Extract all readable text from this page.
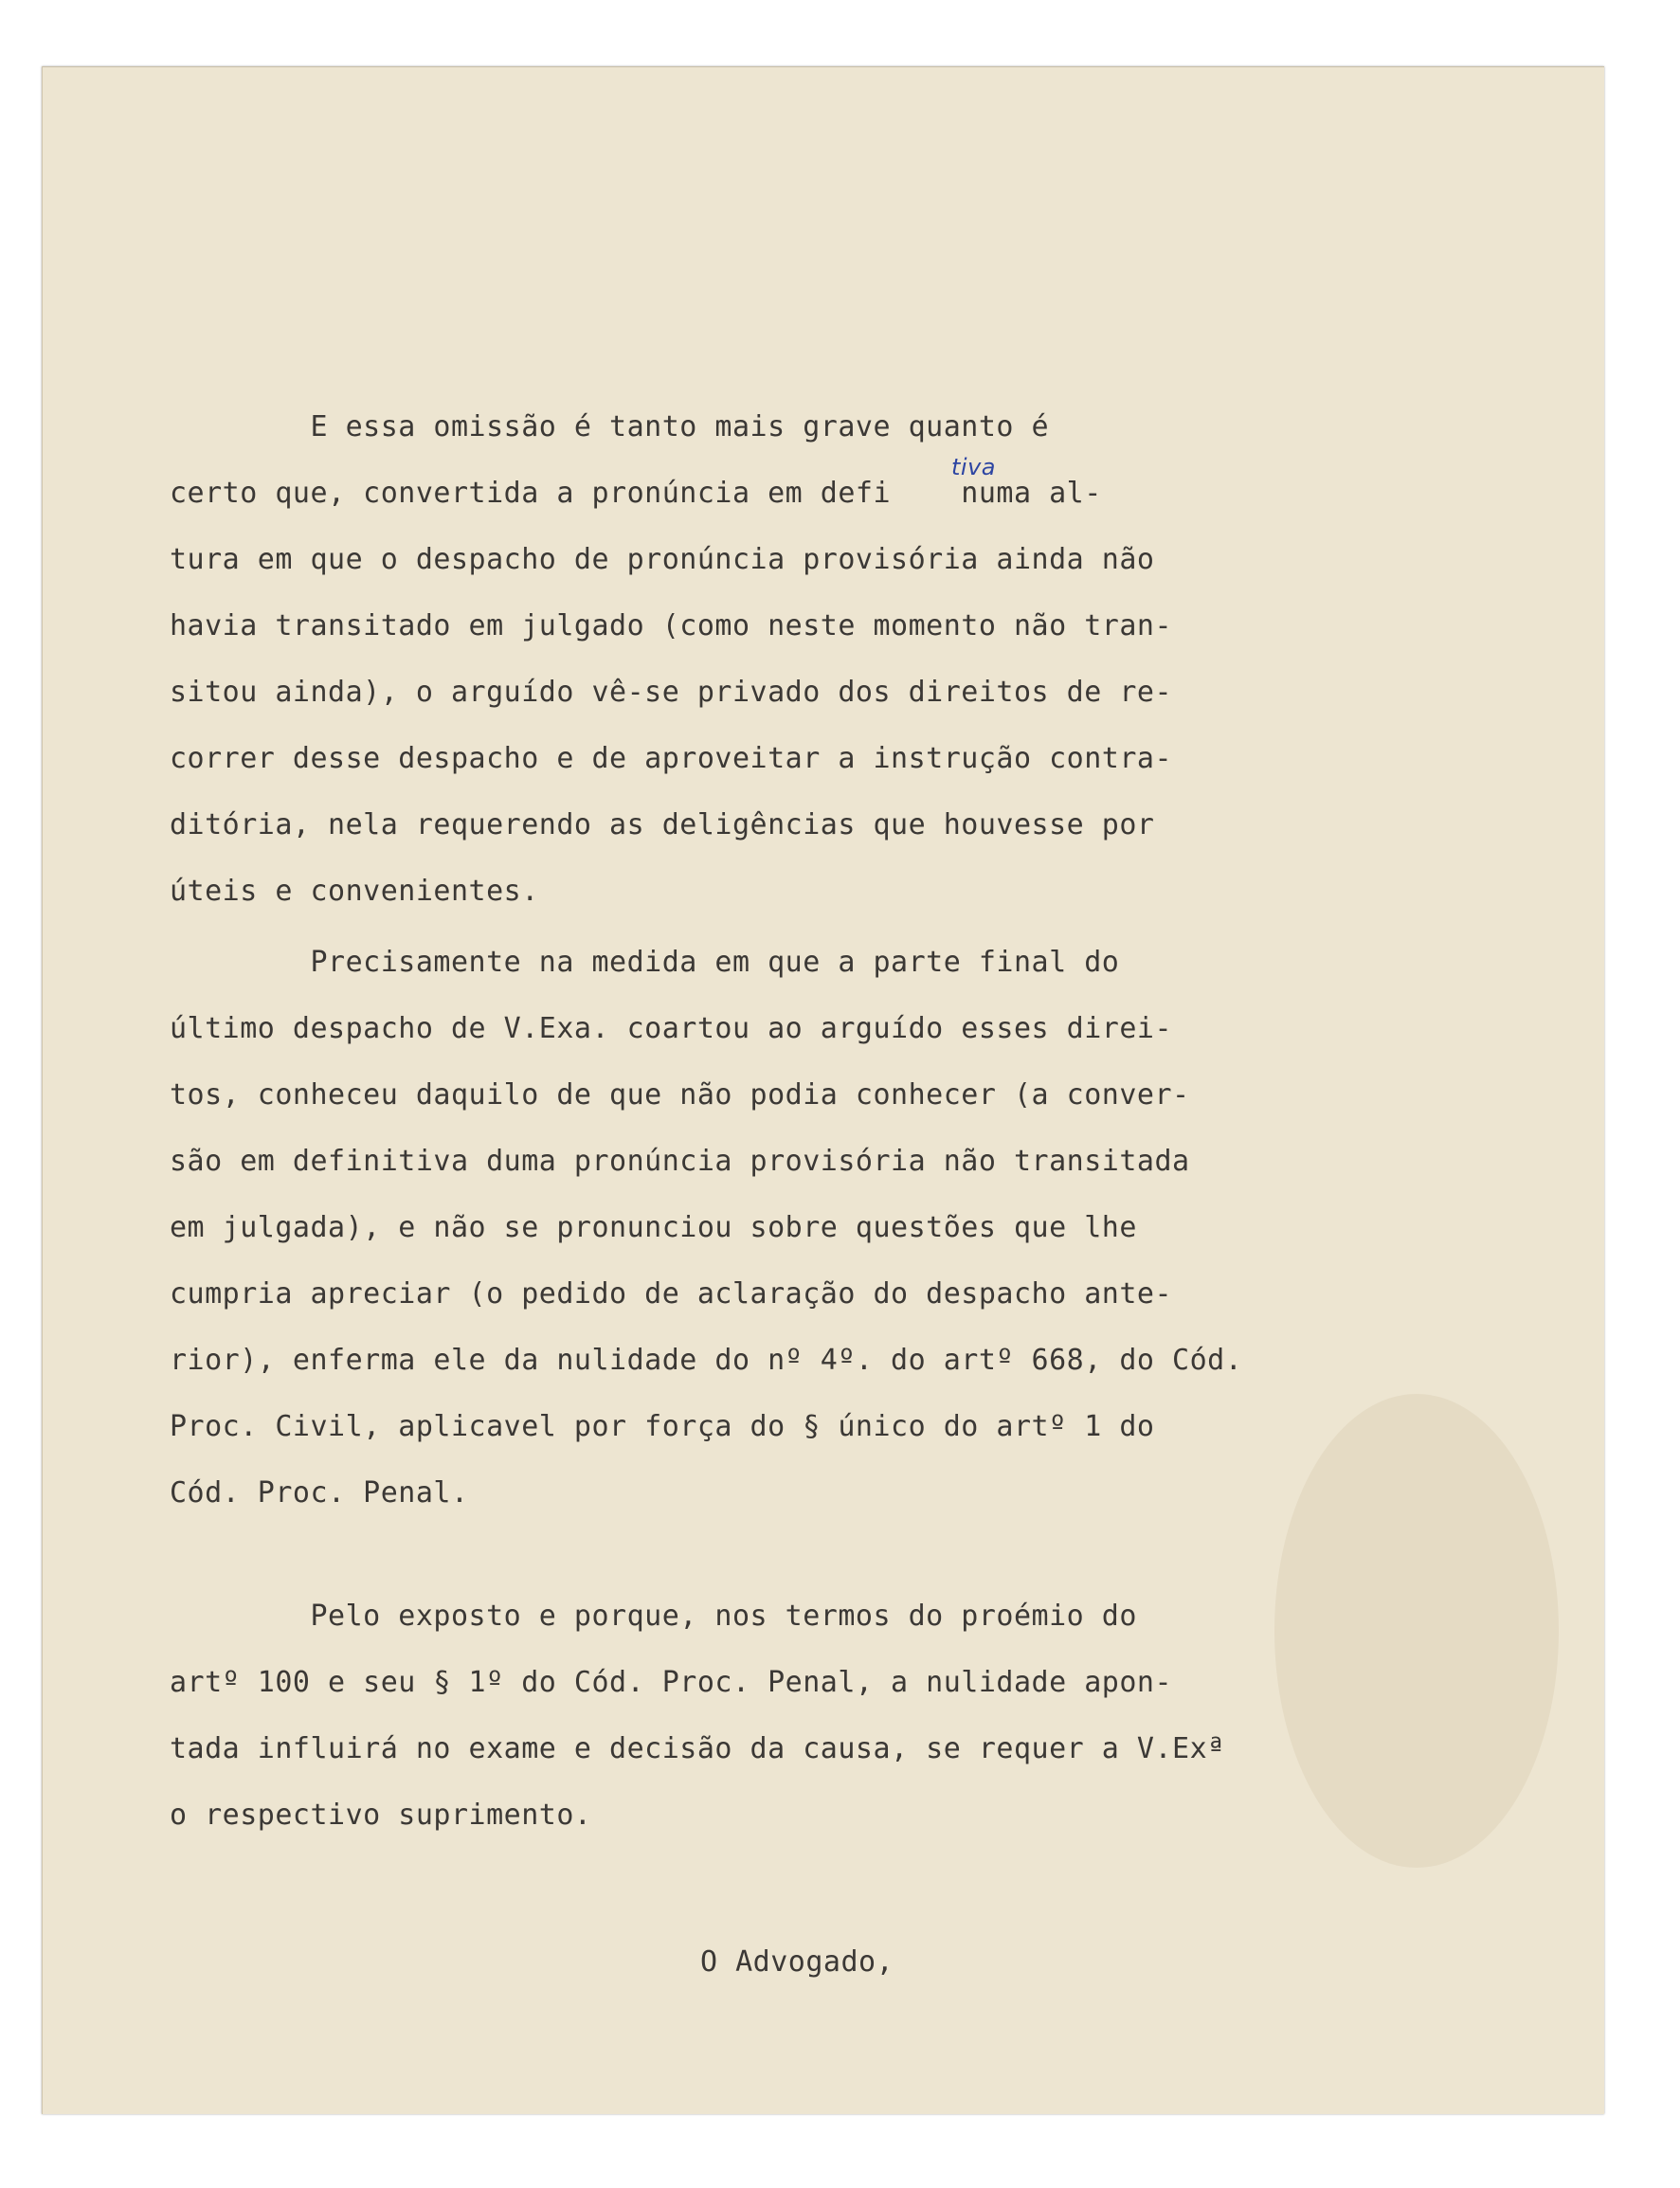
E essa omissão é tanto mais grave quanto é
certo que, convertida a pronúncia em defi    numa al-
tiva
tura em que o despacho de pronúncia provisória ainda não
havia transitado em julgado (como neste momento não tran-
sitou ainda), o arguído vê-se privado dos direitos de re-
correr desse despacho e de aproveitar a instrução contra-
ditória, nela requerendo as deligências que houvesse por
úteis e convenientes.
Precisamente na medida em que a parte final do
último despacho de V.Exa. coartou ao arguído esses direi-
tos, conheceu daquilo de que não podia conhecer (a conver-
são em definitiva duma pronúncia provisória não transitada
em julgada), e não se pronunciou sobre questões que lhe
cumpria apreciar (o pedido de aclaração do despacho ante-
rior), enferma ele da nulidade do nº 4º. do artº 668, do Cód.
Proc. Civil, aplicavel por força do § único do artº 1 do
Cód. Proc. Penal.
Pelo exposto e porque, nos termos do proémio do
artº 100 e seu § 1º do Cód. Proc. Penal, a nulidade apon-
tada influirá no exame e decisão da causa, se requer a V.Exª
o respectivo suprimento.
O Advogado,
